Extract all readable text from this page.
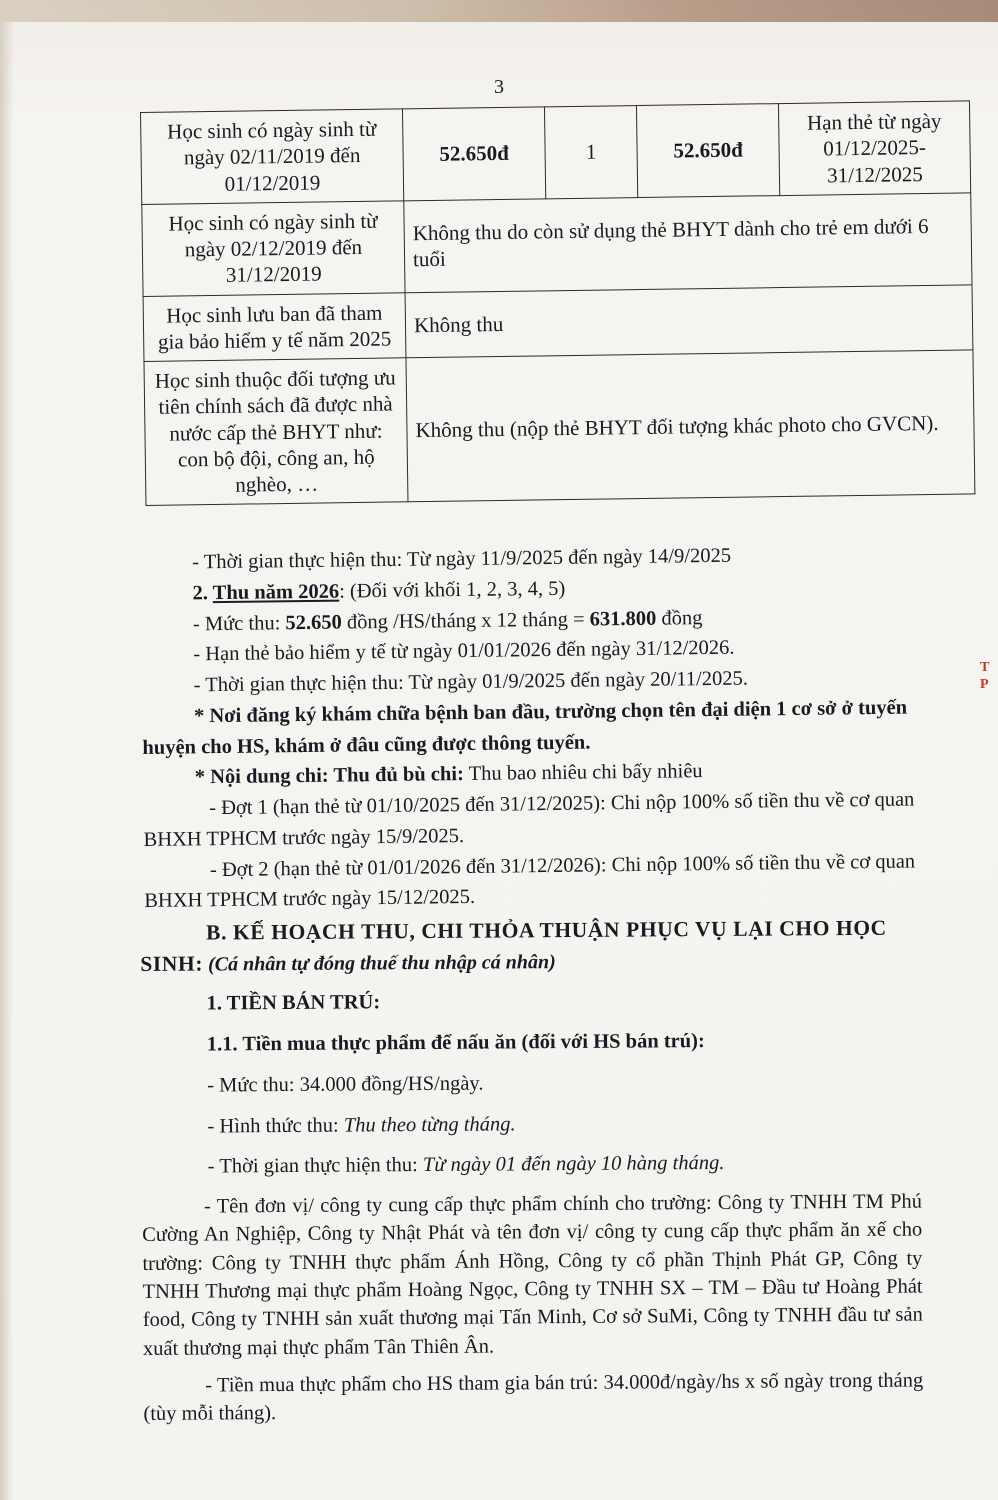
3
Học sinh có ngày sinh từ ngày 02/11/2019 đến 01/12/2019	52.650đ	1	52.650đ	Hạn thẻ từ ngày 01/12/2025-31/12/2025
Học sinh có ngày sinh từ ngày 02/12/2019 đến 31/12/2019	Không thu do còn sử dụng thẻ BHYT dành cho trẻ em dưới 6 tuổi			
Học sinh lưu ban đã tham gia bảo hiểm y tế năm 2025	Không thu			
Học sinh thuộc đối tượng ưu tiên chính sách đã được nhà nước cấp thẻ BHYT như: con bộ đội, công an, hộ nghèo, …	Không thu (nộp thẻ BHYT đối tượng khác photo cho GVCN).			

- Thời gian thực hiện thu: Từ ngày 11/9/2025 đến ngày 14/9/2025

2. Thu năm 2026: (Đối với khối 1, 2, 3, 4, 5)

- Mức thu: 52.650 đồng /HS/tháng x 12 tháng = 631.800 đồng

- Hạn thẻ bảo hiểm y tế từ ngày 01/01/2026 đến ngày 31/12/2026.

- Thời gian thực hiện thu: Từ ngày 01/9/2025 đến ngày 20/11/2025.

* Nơi đăng ký khám chữa bệnh ban đầu, trường chọn tên đại diện 1 cơ sở ở tuyến huyện cho HS, khám ở đâu cũng được thông tuyến.

* Nội dung chi: Thu đủ bù chi: Thu bao nhiêu chi bấy nhiêu

- Đợt 1 (hạn thẻ từ 01/10/2025 đến 31/12/2025): Chi nộp 100% số tiền thu về cơ quan BHXH TPHCM trước ngày 15/9/2025.

- Đợt 2 (hạn thẻ từ 01/01/2026 đến 31/12/2026): Chi nộp 100% số tiền thu về cơ quan BHXH TPHCM trước ngày 15/12/2025.

B. KẾ HOẠCH THU, CHI THỎA THUẬN PHỤC VỤ LẠI CHO HỌC SINH: (Cá nhân tự đóng thuế thu nhập cá nhân)

1. TIỀN BÁN TRÚ:

1.1. Tiền mua thực phẩm để nấu ăn (đối với HS bán trú):

- Mức thu: 34.000 đồng/HS/ngày.

- Hình thức thu: Thu theo từng tháng.

- Thời gian thực hiện thu: Từ ngày 01 đến ngày 10 hàng tháng.

- Tên đơn vị/ công ty cung cấp thực phẩm chính cho trường: Công ty TNHH TM Phú Cường An Nghiệp, Công ty Nhật Phát và tên đơn vị/ công ty cung cấp thực phẩm ăn xế cho trường: Công ty TNHH thực phẩm Ánh Hồng, Công ty cổ phần Thịnh Phát GP, Công ty TNHH Thương mại thực phẩm Hoàng Ngọc, Công ty TNHH SX – TM – Đầu tư Hoàng Phát food, Công ty TNHH sản xuất thương mại Tấn Minh, Cơ sở SuMi, Công ty TNHH đầu tư sản xuất thương mại thực phẩm Tân Thiên Ân.

- Tiền mua thực phẩm cho HS tham gia bán trú: 34.000đ/ngày/hs x số ngày trong tháng (tùy mỗi tháng).

T P
